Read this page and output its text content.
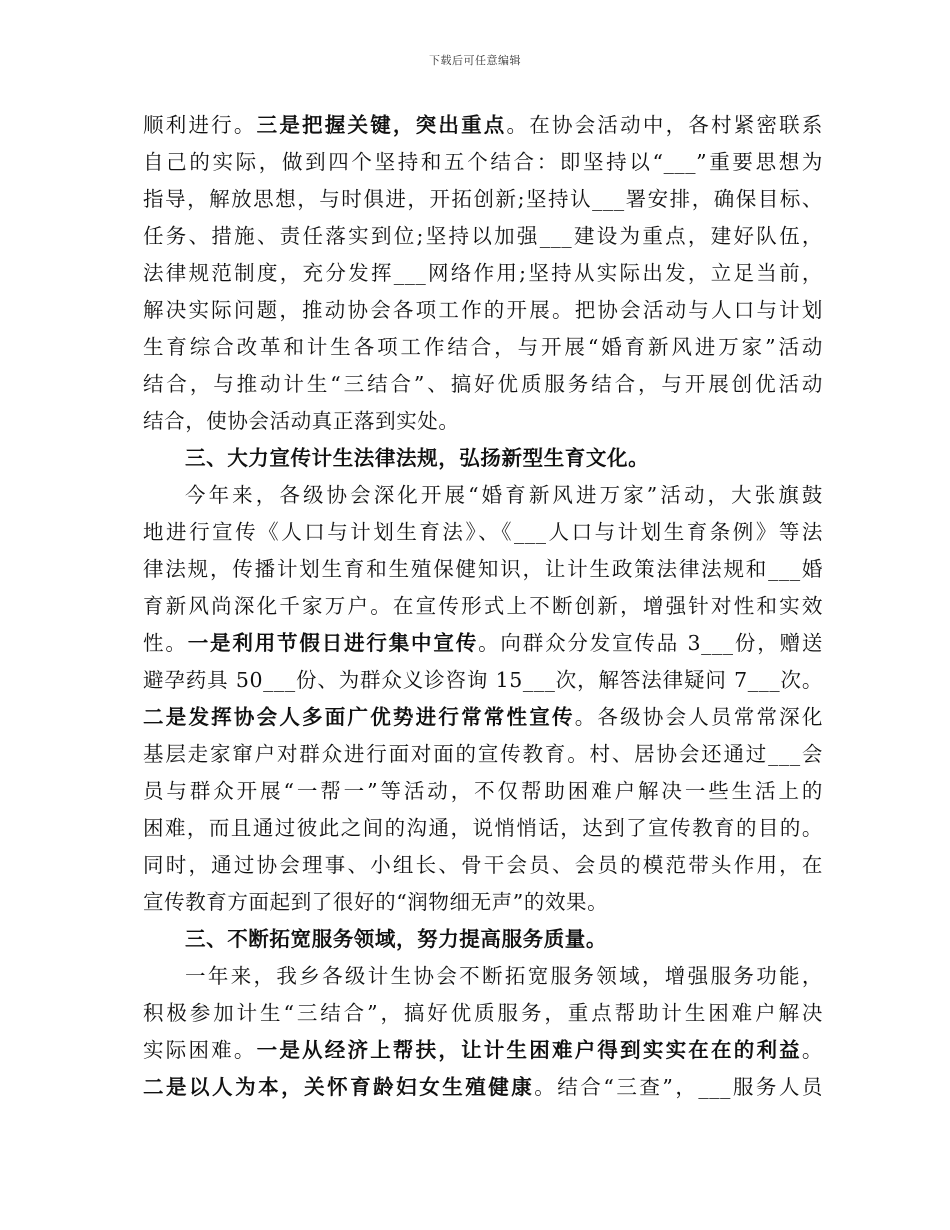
下载后可任意编辑
顺利进行。三是把握关键，突出重点。在协会活动中，各村紧密联系
自己的实际，做到四个坚持和五个结合：即坚持以“___”重要思想为
指导，解放思想，与时俱进，开拓创新;坚持认___署安排，确保目标、
任务、措施、责任落实到位;坚持以加强___建设为重点，建好队伍，
法律规范制度，充分发挥___网络作用;坚持从实际出发，立足当前，
解决实际问题，推动协会各项工作的开展。把协会活动与人口与计划
生育综合改革和计生各项工作结合，与开展“婚育新风进万家”活动
结合，与推动计生“三结合”、搞好优质服务结合，与开展创优活动
结合，使协会活动真正落到实处。
三、大力宣传计生法律法规，弘扬新型生育文化。
今年来，各级协会深化开展“婚育新风进万家”活动，大张旗鼓
地进行宣传《人口与计划生育法》、《___人口与计划生育条例》等法
律法规，传播计划生育和生殖保健知识，让计生政策法律法规和___婚
育新风尚深化千家万户。在宣传形式上不断创新，增强针对性和实效
性。一是利用节假日进行集中宣传。向群众分发宣传品 3___份，赠送
避孕药具 50___份、为群众义诊咨询 15___次，解答法律疑问 7___次。
二是发挥协会人多面广优势进行常常性宣传。各级协会人员常常深化
基层走家窜户对群众进行面对面的宣传教育。村、居协会还通过___会
员与群众开展“一帮一”等活动，不仅帮助困难户解决一些生活上的
困难，而且通过彼此之间的沟通，说悄悄话，达到了宣传教育的目的。
同时，通过协会理事、小组长、骨干会员、会员的模范带头作用，在
宣传教育方面起到了很好的“润物细无声”的效果。
三、不断拓宽服务领域，努力提高服务质量。
一年来，我乡各级计生协会不断拓宽服务领域，增强服务功能，
积极参加计生“三结合”，搞好优质服务，重点帮助计生困难户解决
实际困难。一是从经济上帮扶，让计生困难户得到实实在在的利益。
二是以人为本，关怀育龄妇女生殖健康。结合“三查”，___服务人员
